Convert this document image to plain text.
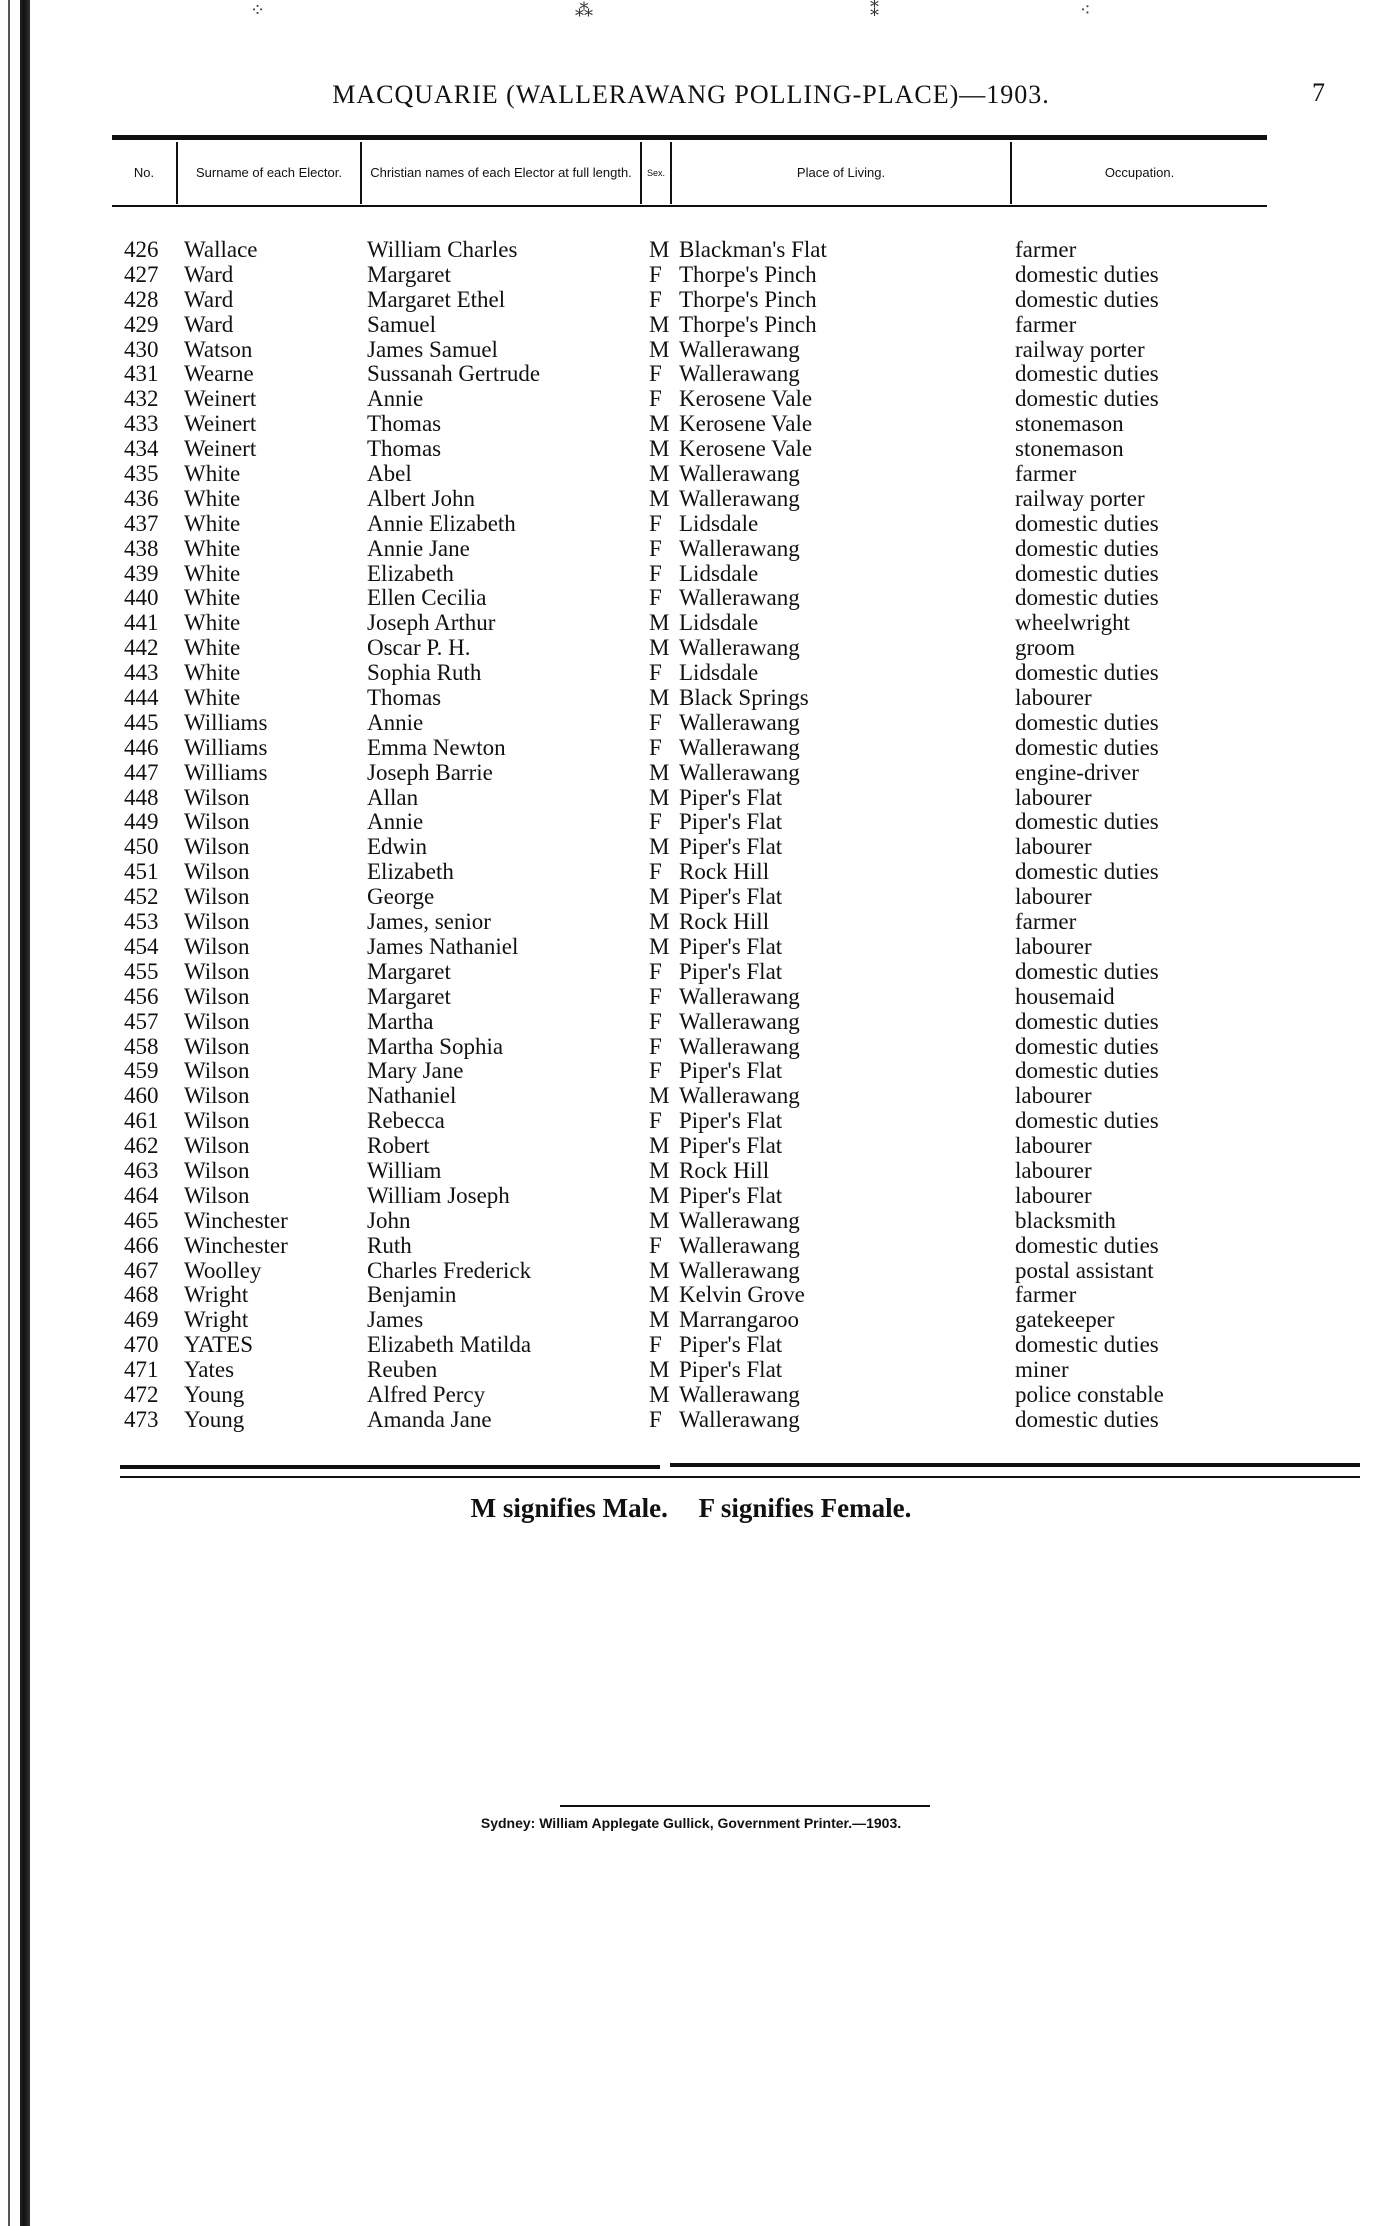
⁘	⁂	⁑	⁖
MACQUARIE (WALLERAWANG POLLING-PLACE)—1903.	7
No.	Surname of each Elector.	Christian names of each Elector at full length.	Sex.	Place of Living.	Occupation.
426 Wallace	William Charles	M Blackman's Flat	farmer
427 Ward	Margaret	F Thorpe's Pinch	domestic duties
428 Ward	Margaret Ethel	F Thorpe's Pinch	domestic duties
429 Ward	Samuel	M Thorpe's Pinch	farmer
430 Watson	James Samuel	M Wallerawang	railway porter
431 Wearne	Sussanah Gertrude	F Wallerawang	domestic duties
432 Weinert	Annie	F Kerosene Vale	domestic duties
433 Weinert	Thomas	M Kerosene Vale	stonemason
434 Weinert	Thomas	M Kerosene Vale	stonemason
435 White	Abel	M Wallerawang	farmer
436 White	Albert John	M Wallerawang	railway porter
437 White	Annie Elizabeth	F Lidsdale	domestic duties
438 White	Annie Jane	F Wallerawang	domestic duties
439 White	Elizabeth	F Lidsdale	domestic duties
440 White	Ellen Cecilia	F Wallerawang	domestic duties
441 White	Joseph Arthur	M Lidsdale	wheelwright
442 White	Oscar P. H.	M Wallerawang	groom
443 White	Sophia Ruth	F Lidsdale	domestic duties
444 White	Thomas	M Black Springs	labourer
445 Williams	Annie	F Wallerawang	domestic duties
446 Williams	Emma Newton	F Wallerawang	domestic duties
447 Williams	Joseph Barrie	M Wallerawang	engine-driver
448 Wilson	Allan	M Piper's Flat	labourer
449 Wilson	Annie	F Piper's Flat	domestic duties
450 Wilson	Edwin	M Piper's Flat	labourer
451 Wilson	Elizabeth	F Rock Hill	domestic duties
452 Wilson	George	M Piper's Flat	labourer
453 Wilson	James, senior	M Rock Hill	farmer
454 Wilson	James Nathaniel	M Piper's Flat	labourer
455 Wilson	Margaret	F Piper's Flat	domestic duties
456 Wilson	Margaret	F Wallerawang	housemaid
457 Wilson	Martha	F Wallerawang	domestic duties
458 Wilson	Martha Sophia	F Wallerawang	domestic duties
459 Wilson	Mary Jane	F Piper's Flat	domestic duties
460 Wilson	Nathaniel	M Wallerawang	labourer
461 Wilson	Rebecca	F Piper's Flat	domestic duties
462 Wilson	Robert	M Piper's Flat	labourer
463 Wilson	William	M Rock Hill	labourer
464 Wilson	William Joseph	M Piper's Flat	labourer
465 Winchester	John	M Wallerawang	blacksmith
466 Winchester	Ruth	F Wallerawang	domestic duties
467 Woolley	Charles Frederick	M Wallerawang	postal assistant
468 Wright	Benjamin	M Kelvin Grove	farmer
469 Wright	James	M Marrangaroo	gatekeeper
470 YATES	Elizabeth Matilda	F Piper's Flat	domestic duties
471 Yates	Reuben	M Piper's Flat	miner
472 Young	Alfred Percy	M Wallerawang	police constable
473 Young	Amanda Jane	F Wallerawang	domestic duties
M signifies Male. F signifies Female.
Sydney: William Applegate Gullick, Government Printer.—1903.
